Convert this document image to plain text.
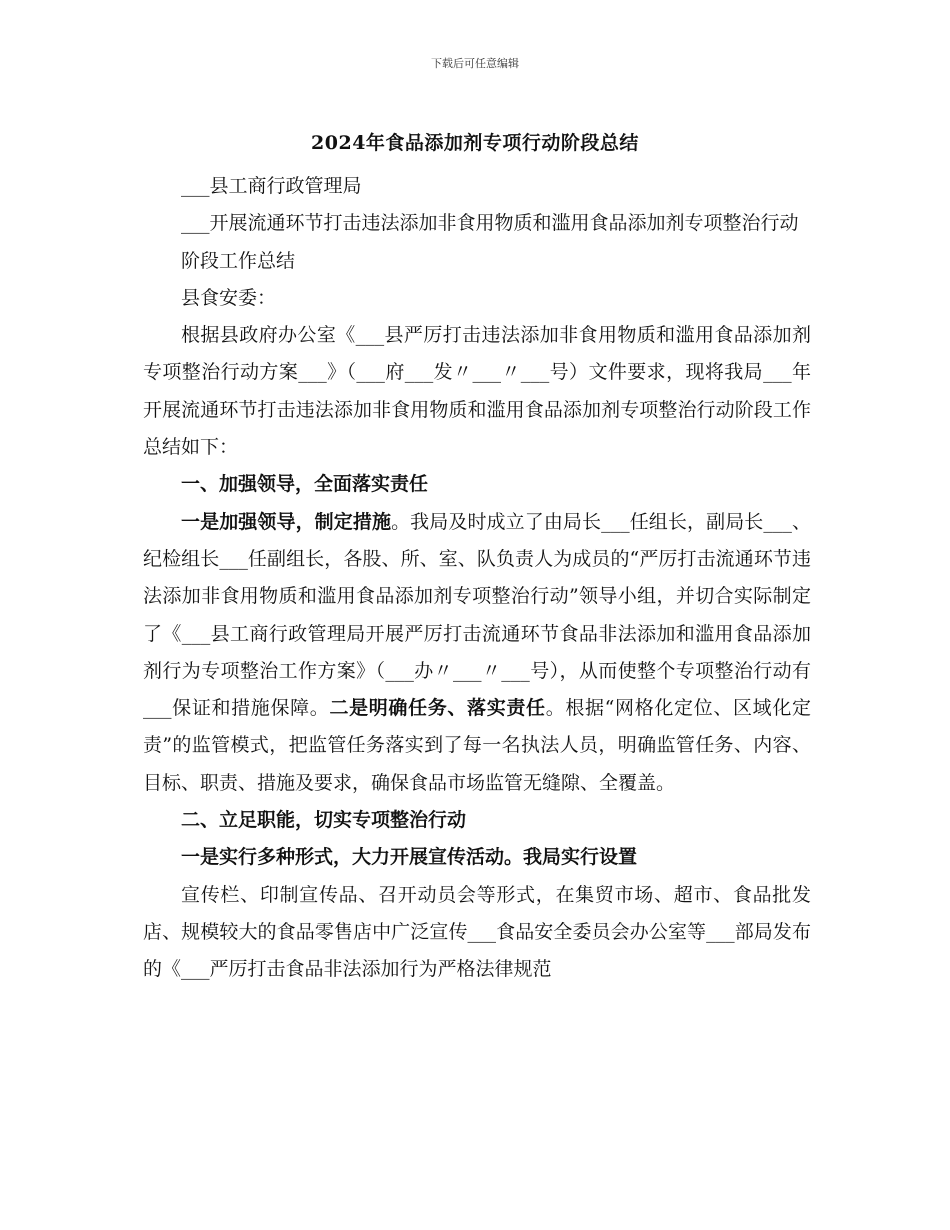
下载后可任意编辑
2024年食品添加剂专项行动阶段总结

___县工商行政管理局

___开展流通环节打击违法添加非食用物质和滥用食品添加剂专项整治行动

阶段工作总结

县食安委：

根据县政府办公室《___县严厉打击违法添加非食用物质和滥用食品添加剂专项整治行动方案___》（___府___发〃___〃___号）文件要求，现将我局___年开展流通环节打击违法添加非食用物质和滥用食品添加剂专项整治行动阶段工作总结如下：

一、加强领导，全面落实责任

一是加强领导，制定措施。我局及时成立了由局长___任组长，副局长___、纪检组长___任副组长，各股、所、室、队负责人为成员的“严厉打击流通环节违法添加非食用物质和滥用食品添加剂专项整治行动”领导小组，并切合实际制定了《___县工商行政管理局开展严厉打击流通环节食品非法添加和滥用食品添加剂行为专项整治工作方案》（___办〃___〃___号），从而使整个专项整治行动有___保证和措施保障。二是明确任务、落实责任。根据“网格化定位、区域化定责”的监管模式，把监管任务落实到了每一名执法人员，明确监管任务、内容、目标、职责、措施及要求，确保食品市场监管无缝隙、全覆盖。

二、立足职能，切实专项整治行动

一是实行多种形式，大力开展宣传活动。我局实行设置

宣传栏、印制宣传品、召开动员会等形式，在集贸市场、超市、食品批发店、规模较大的食品零售店中广泛宣传___食品安全委员会办公室等___部局发布的《___严厉打击食品非法添加行为严格法律规范
